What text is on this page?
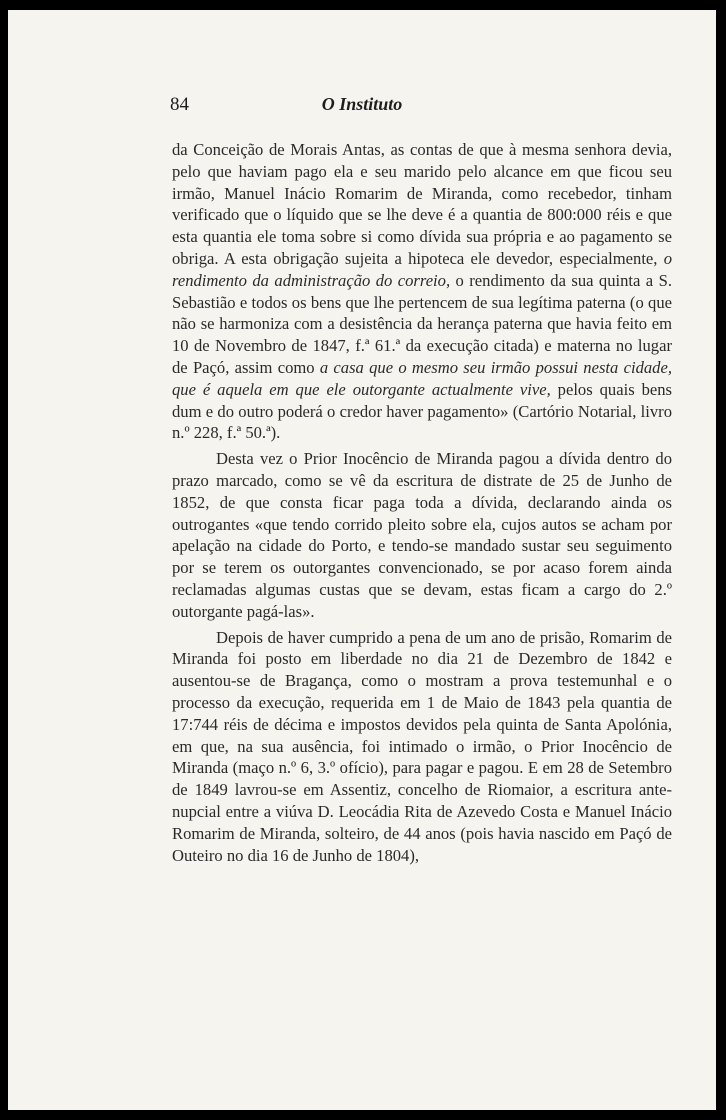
84	O Instituto

da Conceição de Morais Antas, as contas de que à mesma senhora devia, pelo que haviam pago ela e seu marido pelo alcance em que ficou seu irmão, Manuel Inácio Romarim de Miranda, como recebedor, tinham verificado que o líquido que se lhe deve é a quantia de 800:000 réis e que esta quantia ele toma sobre si como dívida sua própria e ao pagamento se obriga. A esta obrigação sujeita a hipoteca ele devedor, especialmente, o rendimento da administração do correio, o rendimento da sua quinta a S. Sebastião e todos os bens que lhe pertencem de sua legítima paterna (o que não se harmoniza com a desistência da herança paterna que havia feito em 10 de Novembro de 1847, f.ª 61.ª da execução citada) e materna no lugar de Paçó, assim como a casa que o mesmo seu irmão possui nesta cidade, que é aquela em que ele outorgante actualmente vive, pelos quais bens dum e do outro poderá o credor haver pagamento» (Cartório Notarial, livro n.º 228, f.ª 50.ª).

Desta vez o Prior Inocêncio de Miranda pagou a dívida dentro do prazo marcado, como se vê da escritura de distrate de 25 de Junho de 1852, de que consta ficar paga toda a dívida, declarando ainda os outrogantes «que tendo corrido pleito sobre ela, cujos autos se acham por apelação na cidade do Porto, e tendo-se mandado sustar seu seguimento por se terem os outorgantes convencionado, se por acaso forem ainda reclamadas algumas custas que se devam, estas ficam a cargo do 2.º outorgante pagá-las».

Depois de haver cumprido a pena de um ano de prisão, Romarim de Miranda foi posto em liberdade no dia 21 de Dezembro de 1842 e ausentou-se de Bragança, como o mostram a prova testemunhal e o processo da execução, requerida em 1 de Maio de 1843 pela quantia de 17:744 réis de décima e impostos devidos pela quinta de Santa Apolónia, em que, na sua ausência, foi intimado o irmão, o Prior Inocêncio de Miranda (maço n.º 6, 3.º ofício), para pagar e pagou. E em 28 de Setembro de 1849 lavrou-se em Assentiz, concelho de Riomaior, a escritura antenupcial entre a viúva D. Leocádia Rita de Azevedo Costa e Manuel Inácio Romarim de Miranda, solteiro, de 44 anos (pois havia nascido em Paçó de Outeiro no dia 16 de Junho de 1804),
